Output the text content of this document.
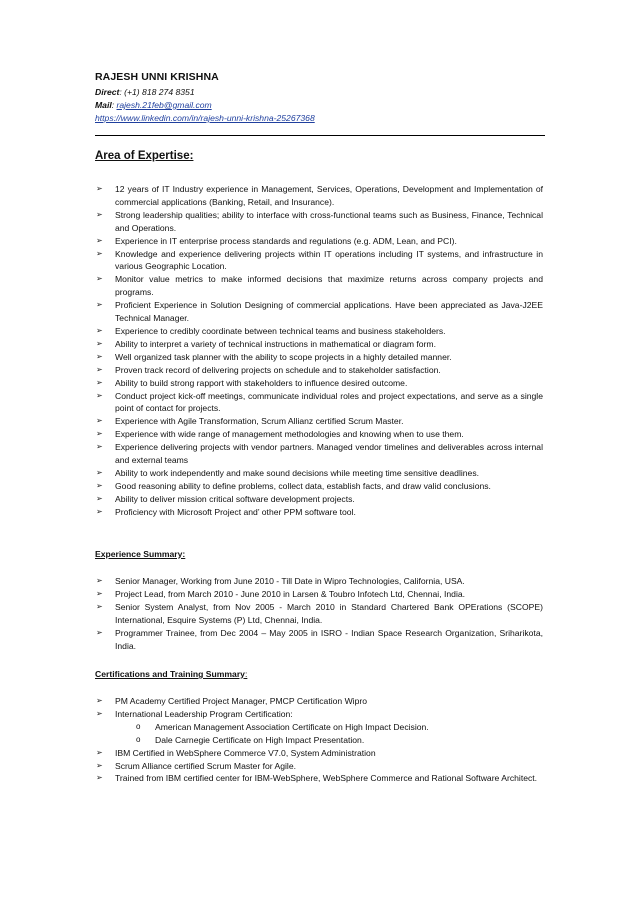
RAJESH UNNI KRISHNA
Direct: (+1) 818 274 8351
Mail: rajesh.21feb@gmail.com
https://www.linkedin.com/in/rajesh-unni-krishna-25267368
Area of Expertise:
➢ 12 years of IT Industry experience in Management, Services, Operations, Development and Implementation of commercial applications (Banking, Retail, and Insurance).
➢ Strong leadership qualities; ability to interface with cross-functional teams such as Business, Finance, Technical and Operations.
➢ Experience in IT enterprise process standards and regulations (e.g. ADM, Lean, and PCI).
➢ Knowledge and experience delivering projects within IT operations including IT systems, and infrastructure in various Geographic Location.
➢ Monitor value metrics to make informed decisions that maximize returns across company projects and programs.
➢ Proficient Experience in Solution Designing of commercial applications. Have been appreciated as Java-J2EE Technical Manager.
➢ Experience to credibly coordinate between technical teams and business stakeholders.
➢ Ability to interpret a variety of technical instructions in mathematical or diagram form.
➢ Well organized task planner with the ability to scope projects in a highly detailed manner.
➢ Proven track record of delivering projects on schedule and to stakeholder satisfaction.
➢ Ability to build strong rapport with stakeholders to influence desired outcome.
➢ Conduct project kick-off meetings, communicate individual roles and project expectations, and serve as a single point of contact for projects.
➢ Experience with Agile Transformation, Scrum Allianz certified Scrum Master.
➢ Experience with wide range of management methodologies and knowing when to use them.
➢ Experience delivering projects with vendor partners. Managed vendor timelines and deliverables across internal and external teams
➢ Ability to work independently and make sound decisions while meeting time sensitive deadlines.
➢ Good reasoning ability to define problems, collect data, establish facts, and draw valid conclusions.
➢ Ability to deliver mission critical software development projects.
➢ Proficiency with Microsoft Project and’ other PPM software tool.
Experience Summary:
➢ Senior Manager, Working from June 2010 - Till Date in Wipro Technologies, California, USA.
➢ Project Lead, from March 2010 - June 2010 in Larsen & Toubro Infotech Ltd, Chennai, India.
➢ Senior System Analyst, from Nov 2005 - March 2010 in Standard Chartered Bank OPErations (SCOPE) International, Esquire Systems (P) Ltd, Chennai, India.
➢ Programmer Trainee, from Dec 2004 – May 2005 in ISRO - Indian Space Research Organization, Sriharikota, India.
Certifications and Training Summary:
➢ PM Academy Certified Project Manager, PMCP Certification Wipro
➢ International Leadership Program Certification:
o American Management Association Certificate on High Impact Decision.
o Dale Carnegie Certificate on High Impact Presentation.
➢ IBM Certified in WebSphere Commerce V7.0, System Administration
➢ Scrum Alliance certified Scrum Master for Agile.
➢ Trained from IBM certified center for IBM-WebSphere, WebSphere Commerce and Rational Software Architect.
